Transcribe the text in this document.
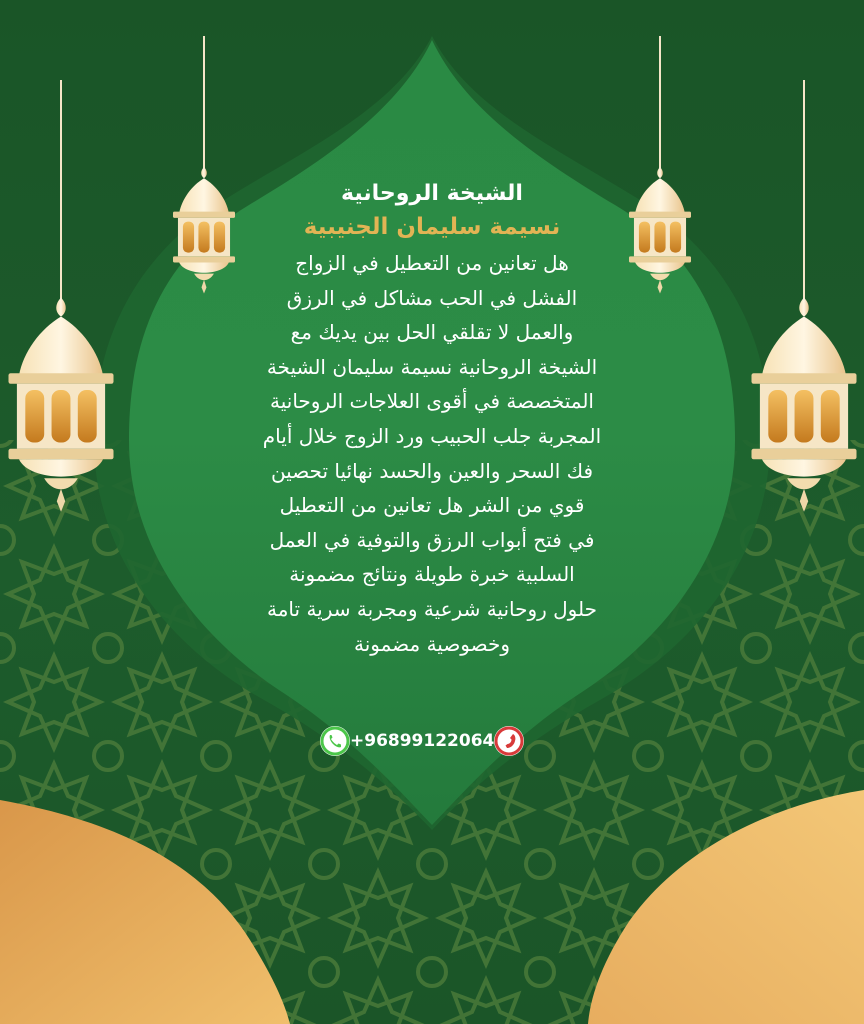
الشيخة الروحانية
نسيمة سليمان الجنيبية
هل تعانين من التعطيل في الزواج
الفشل في الحب مشاكل في الرزق
والعمل لا تقلقي الحل بين يديك مع
الشيخة الروحانية نسيمة سليمان الشيخة
المتخصصة في أقوى العلاجات الروحانية
المجربة جلب الحبيب ورد الزوج خلال أيام
فك السحر والعين والحسد نهائيا تحصين
قوي من الشر هل تعانين من التعطيل
في فتح أبواب الرزق والتوفية في العمل
السلبية خبرة طويلة ونتائج مضمونة
حلول روحانية شرعية ومجربة سرية تامة
وخصوصية مضمونة
+96899122064
